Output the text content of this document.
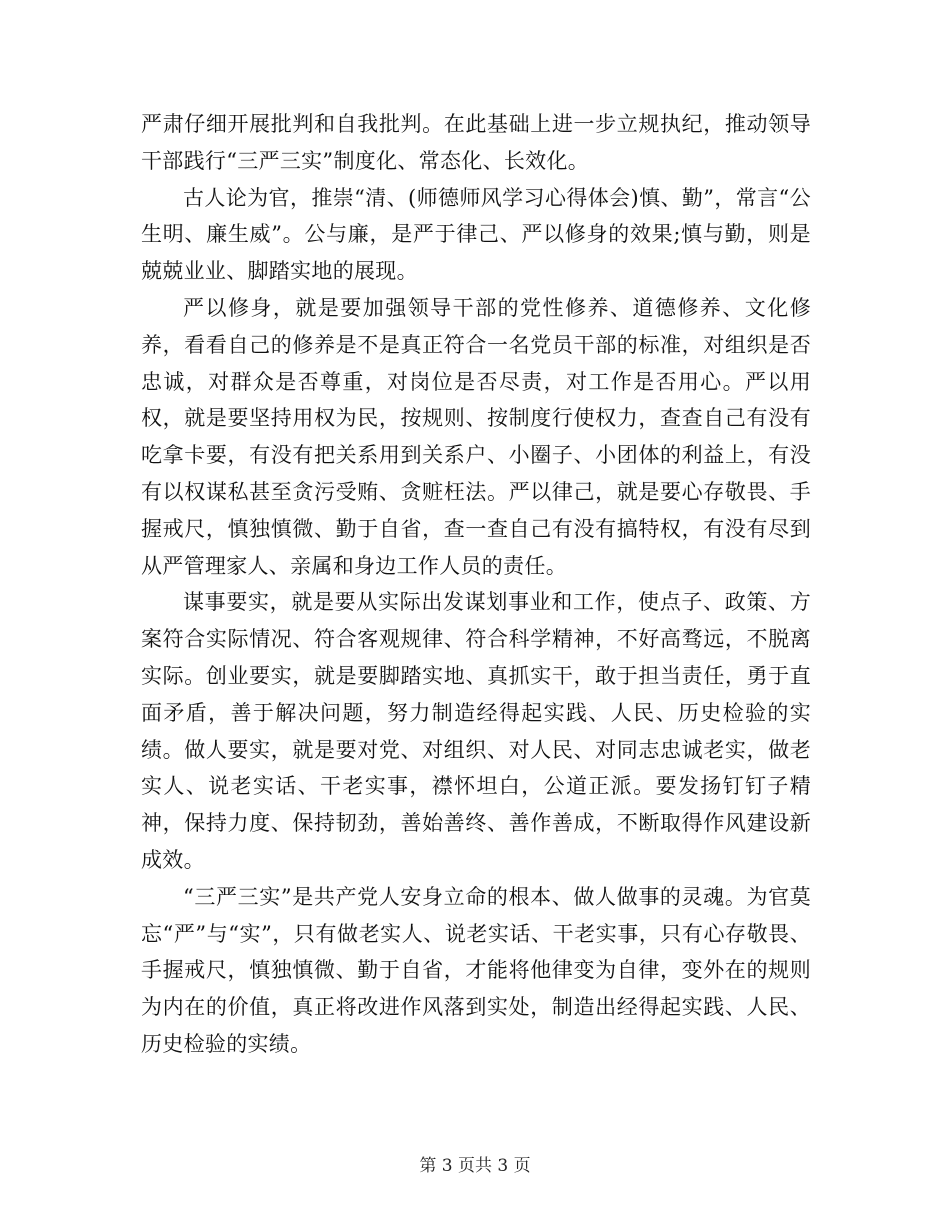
严肃仔细开展批判和自我批判。在此基础上进一步立规执纪，推动领导干部践行“三严三实”制度化、常态化、长效化。

古人论为官，推崇“清、(师德师风学习心得体会)慎、勤”，常言“公生明、廉生威”。公与廉，是严于律己、严以修身的效果;慎与勤，则是兢兢业业、脚踏实地的展现。

严以修身，就是要加强领导干部的党性修养、道德修养、文化修养，看看自己的修养是不是真正符合一名党员干部的标准，对组织是否忠诚，对群众是否尊重，对岗位是否尽责，对工作是否用心。严以用权，就是要坚持用权为民，按规则、按制度行使权力，查查自己有没有吃拿卡要，有没有把关系用到关系户、小圈子、小团体的利益上，有没有以权谋私甚至贪污受贿、贪赃枉法。严以律己，就是要心存敬畏、手握戒尺，慎独慎微、勤于自省，查一查自己有没有搞特权，有没有尽到从严管理家人、亲属和身边工作人员的责任。

谋事要实，就是要从实际出发谋划事业和工作，使点子、政策、方案符合实际情况、符合客观规律、符合科学精神，不好高骛远，不脱离实际。创业要实，就是要脚踏实地、真抓实干，敢于担当责任，勇于直面矛盾，善于解决问题，努力制造经得起实践、人民、历史检验的实绩。做人要实，就是要对党、对组织、对人民、对同志忠诚老实，做老实人、说老实话、干老实事，襟怀坦白，公道正派。要发扬钉钉子精神，保持力度、保持韧劲，善始善终、善作善成，不断取得作风建设新成效。

“三严三实”是共产党人安身立命的根本、做人做事的灵魂。为官莫忘“严”与“实”，只有做老实人、说老实话、干老实事，只有心存敬畏、手握戒尺，慎独慎微、勤于自省，才能将他律变为自律，变外在的规则为内在的价值，真正将改进作风落到实处，制造出经得起实践、人民、历史检验的实绩。

第 3 页共 3 页
